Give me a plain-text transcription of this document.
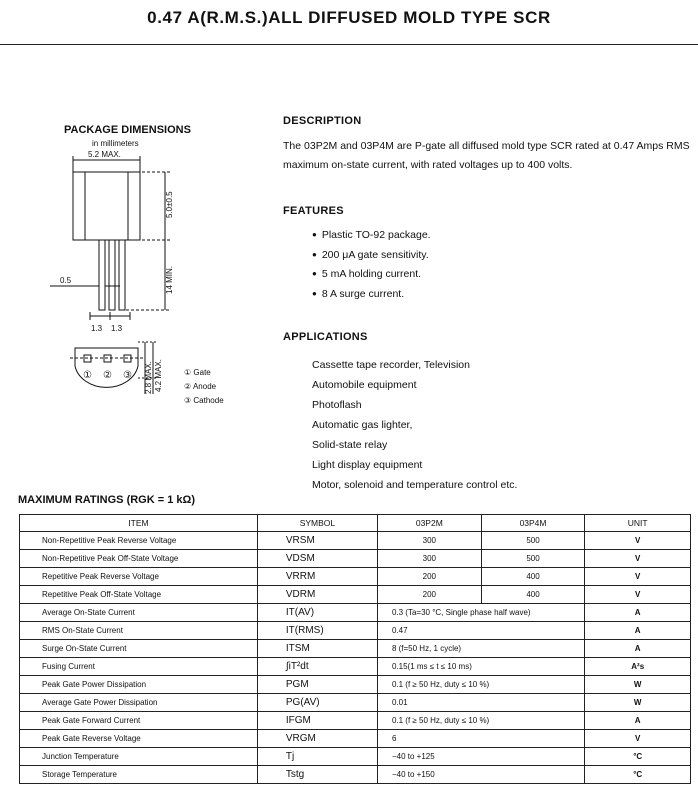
0.47 A(R.M.S.)ALL DIFFUSED MOLD TYPE SCR
PACKAGE DIMENSIONS
in millimeters
5.2 MAX.
5.0±0.5
14 MIN.
0.5
1.3 1.3
2.8 MAX. 4.2 MAX.
① ② ③	① Gate
② Anode
③ Cathode
DESCRIPTION
The 03P2M and 03P4M are P-gate all diffused mold type SCR rated at 0.47 Amps RMS maximum on-state current, with rated voltages up to 400 volts.
FEATURES
● Plastic TO-92 package.
● 200 μA gate sensitivity.
● 5 mA holding current.
● 8 A surge current.
APPLICATIONS
Cassette tape recorder, Television
Automobile equipment
Photoflash
Automatic gas lighter,
Solid-state relay
Light display equipment
Motor, solenoid and temperature control etc.
MAXIMUM RATINGS (RGK = 1 kΩ)
ITEM	SYMBOL	03P2M	03P4M	UNIT
Non-Repetitive Peak Reverse Voltage	VRSM	300	500	V
Non-Repetitive Peak Off-State Voltage	VDSM	300	500	V
Repetitive Peak Reverse Voltage	VRRM	200	400	V
Repetitive Peak Off-State Voltage	VDRM	200	400	V
Average On-State Current	IT(AV)	0.3 (Ta=30 °C, Single phase half wave)		A
RMS On-State Current	IT(RMS)	0.47		A
Surge On-State Current	ITSM	8 (f=50 Hz, 1 cycle)		A
Fusing Current	∫iT²dt	0.15(1 ms ≤ t ≤ 10 ms)		A²s
Peak Gate Power Dissipation	PGM	0.1 (f ≥ 50 Hz, duty ≤ 10 %)		W
Average Gate Power Dissipation	PG(AV)	0.01		W
Peak Gate Forward Current	IFGM	0.1 (f ≥ 50 Hz, duty ≤ 10 %)		A
Peak Gate Reverse Voltage	VRGM	6		V
Junction Temperature	Tj	−40 to +125		°C
Storage Temperature	Tstg	−40 to +150		°C
